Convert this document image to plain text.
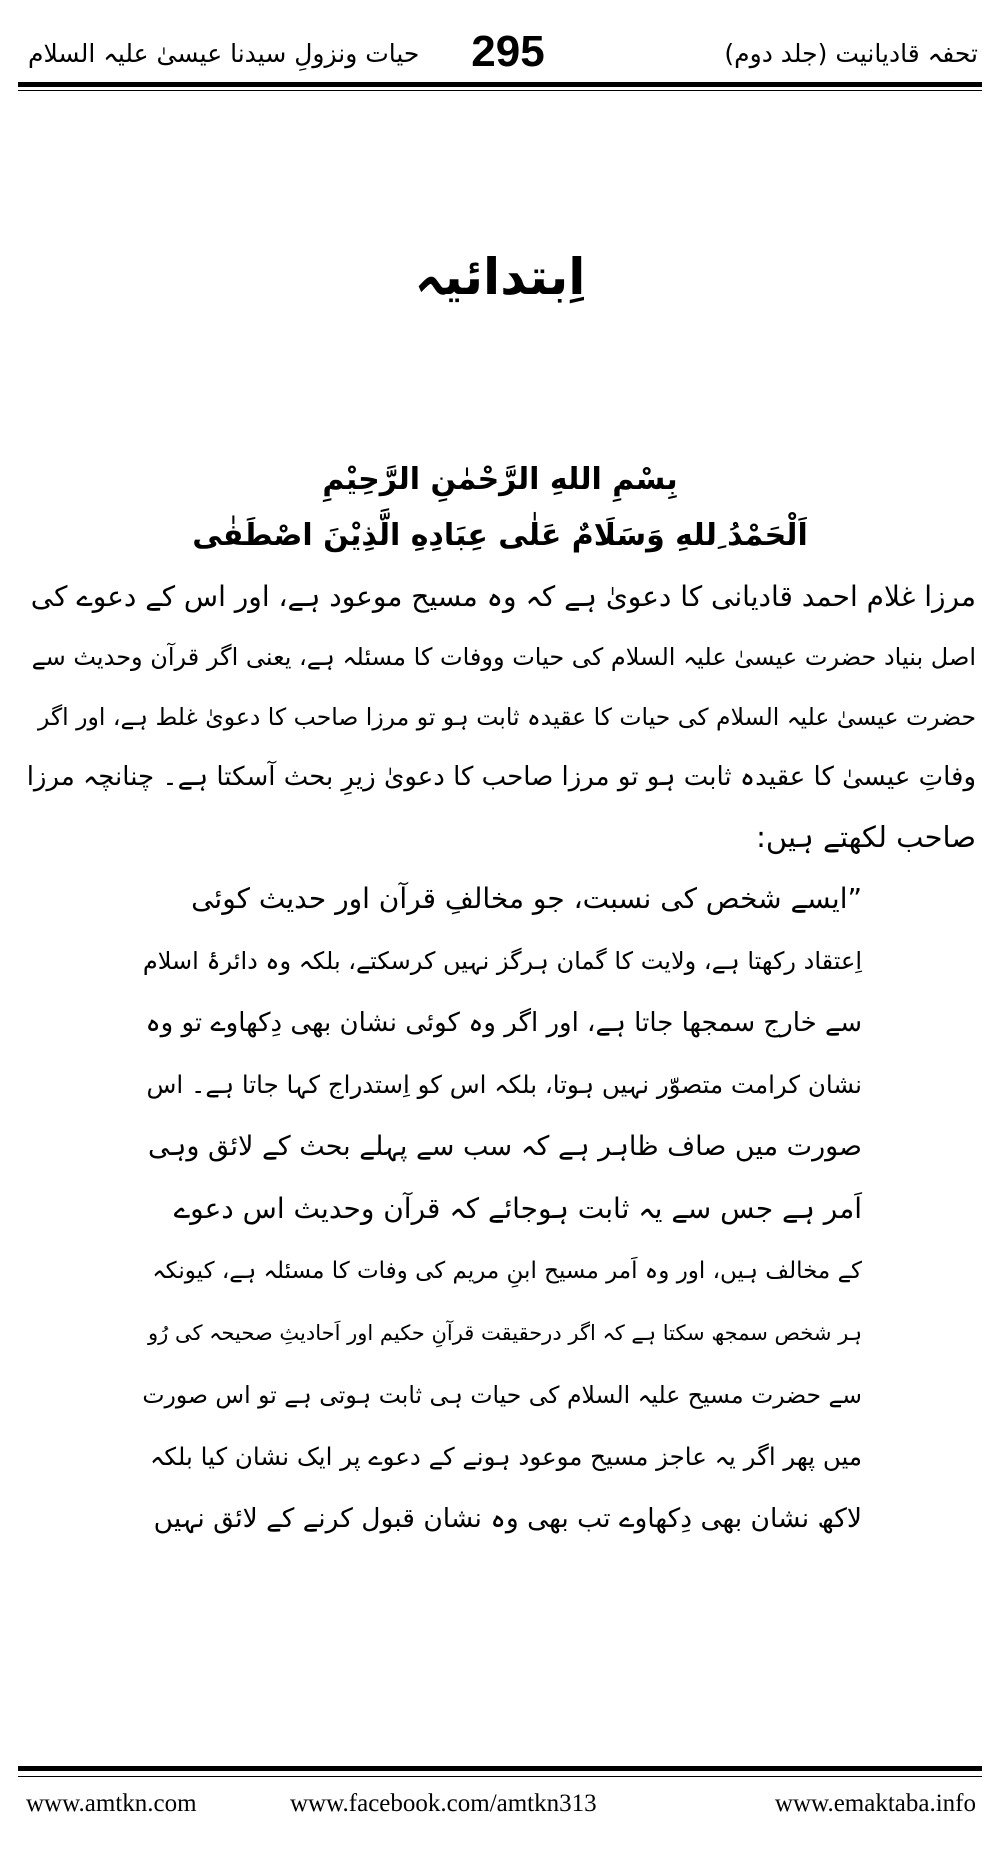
تحفہ قادیانیت (جلد دوم)
295
حیات ونزولِ سیدنا عیسیٰ علیہ السلام
اِبتدائیہ
بِسْمِ اللهِ الرَّحْمٰنِ الرَّحِیْمِ
اَلْحَمْدُ ِللهِ وَسَلَامٌ عَلٰی عِبَادِهِ الَّذِیْنَ اصْطَفٰی
مرزا غلام احمد قادیانی کا دعویٰ ہے کہ وہ مسیح موعود ہے، اور اس کے دعوے کی
اصل بنیاد حضرت عیسیٰ علیہ السلام کی حیات ووفات کا مسئلہ ہے، یعنی اگر قرآن وحدیث سے
حضرت عیسیٰ علیہ السلام کی حیات کا عقیدہ ثابت ہو تو مرزا صاحب کا دعویٰ غلط ہے، اور اگر
وفاتِ عیسیٰ کا عقیدہ ثابت ہو تو مرزا صاحب کا دعویٰ زیرِ بحث آسکتا ہے۔ چنانچہ مرزا
صاحب لکھتے ہیں:
”ایسے شخص کی نسبت، جو مخالفِ قرآن اور حدیث کوئی
اِعتقاد رکھتا ہے، ولایت کا گمان ہرگز نہیں کرسکتے، بلکہ وہ دائرۂ اسلام
سے خارج سمجھا جاتا ہے، اور اگر وہ کوئی نشان بھی دِکھاوے تو وہ
نشان کرامت متصوّر نہیں ہوتا، بلکہ اس کو اِستدراج کہا جاتا ہے۔ اس
صورت میں صاف ظاہر ہے کہ سب سے پہلے بحث کے لائق وہی
اَمر ہے جس سے یہ ثابت ہوجائے کہ قرآن وحدیث اس دعوے
کے مخالف ہیں، اور وہ اَمر مسیح ابنِ مریم کی وفات کا مسئلہ ہے، کیونکہ
ہر شخص سمجھ سکتا ہے کہ اگر درحقیقت قرآنِ حکیم اور اَحادیثِ صحیحہ کی رُو
سے حضرت مسیح علیہ السلام کی حیات ہی ثابت ہوتی ہے تو اس صورت
میں پھر اگر یہ عاجز مسیح موعود ہونے کے دعوے پر ایک نشان کیا بلکہ
لاکھ نشان بھی دِکھاوے تب بھی وہ نشان قبول کرنے کے لائق نہیں
www.amtkn.com	www.facebook.com/amtkn313	www.emaktaba.info
